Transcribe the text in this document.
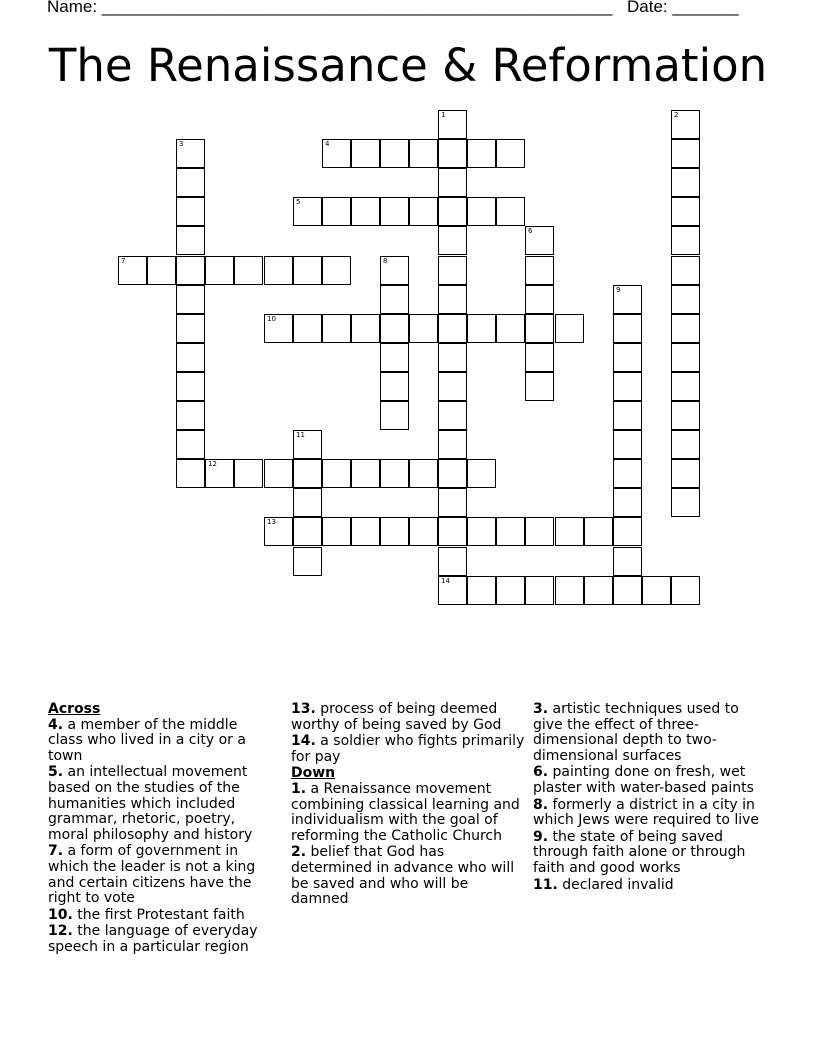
Name: ______________________________________________________ Date: _______
The Renaissance & Reformation
1
14
2
3	4
5
6
7	8
9
10
11
12
13
Across
4. a member of the middle class who lived in a city or a town
5. an intellectual movement based on the studies of the humanities which included grammar, rhetoric, poetry, moral philosophy and history
7. a form of government in which the leader is not a king and certain citizens have the right to vote
10. the first Protestant faith
12. the language of everyday speech in a particular region
13. process of being deemed worthy of being saved by God
14. a soldier who fights primarily for pay
Down
1. a Renaissance movement combining classical learning and individualism with the goal of reforming the Catholic Church
2. belief that God has determined in advance who will be saved and who will be damned
3. artistic techniques used to give the effect of three-dimensional depth to two-dimensional surfaces
6. painting done on fresh, wet plaster with water-based paints
8. formerly a district in a city in which Jews were required to live
9. the state of being saved through faith alone or through faith and good works
11. declared invalid
